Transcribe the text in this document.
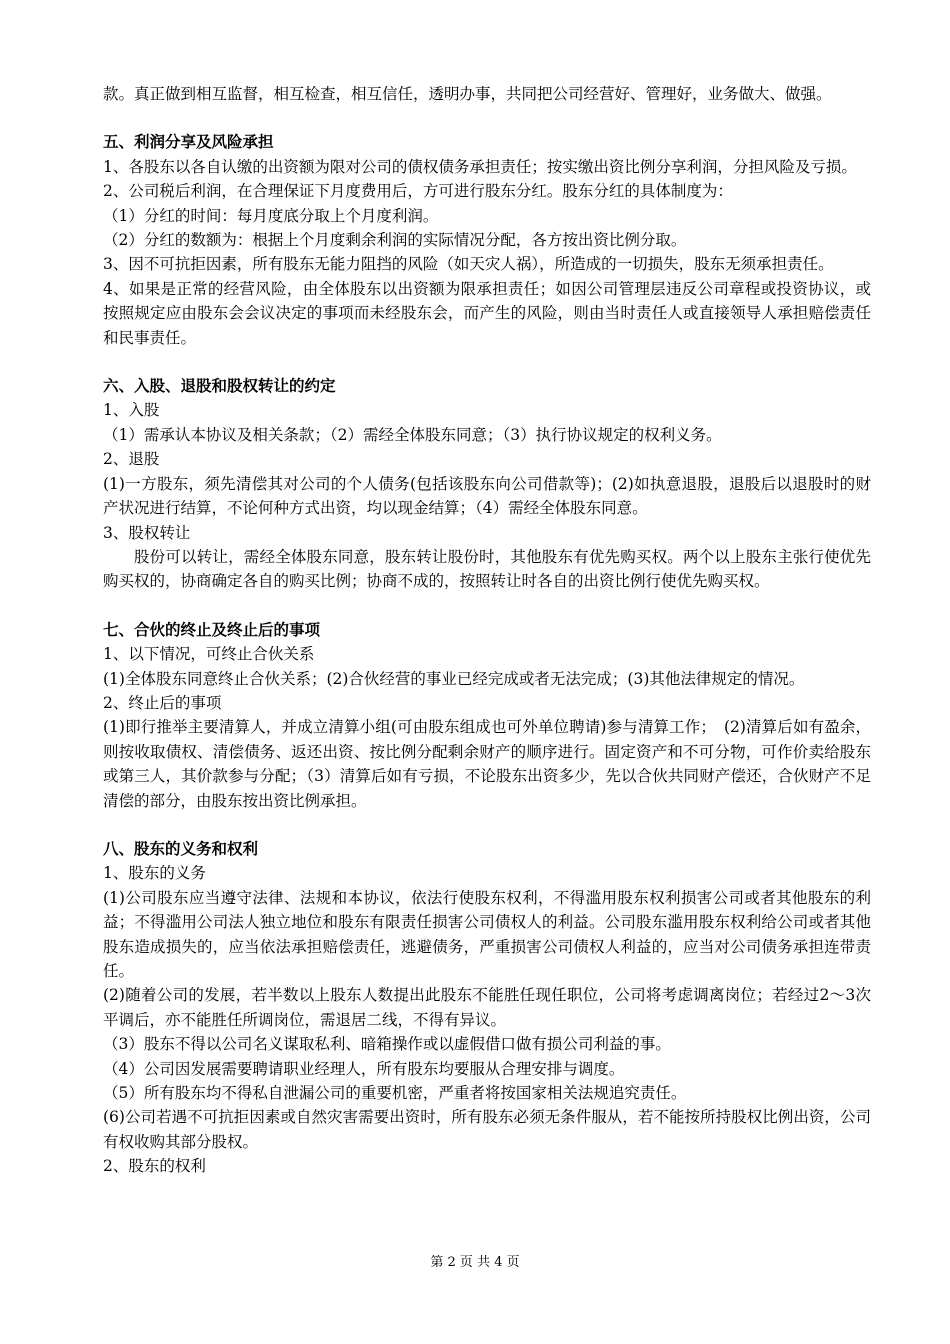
款。真正做到相互监督，相互检查，相互信任，透明办事，共同把公司经营好、管理好，业务做大、做强。

五、利润分享及风险承担

1、各股东以各自认缴的出资额为限对公司的债权债务承担责任；按实缴出资比例分享利润，分担风险及亏损。

2、公司税后利润，在合理保证下月度费用后，方可进行股东分红。股东分红的具体制度为：

（1）分红的时间：每月度底分取上个月度利润。

（2）分红的数额为：根据上个月度剩余利润的实际情况分配，各方按出资比例分取。

3、因不可抗拒因素，所有股东无能力阻挡的风险（如天灾人祸），所造成的一切损失，股东无须承担责任。

4、如果是正常的经营风险，由全体股东以出资额为限承担责任；如因公司管理层违反公司章程或投资协议，或按照规定应由股东会会议决定的事项而未经股东会，而产生的风险，则由当时责任人或直接领导人承担赔偿责任和民事责任。

六、入股、退股和股权转让的约定

1、入股

（1）需承认本协议及相关条款；（2）需经全体股东同意；（3）执行协议规定的权利义务。

2、退股

(1)一方股东，须先清偿其对公司的个人债务(包括该股东向公司借款等)；(2)如执意退股，退股后以退股时的财产状况进行结算，不论何种方式出资，均以现金结算；（4）需经全体股东同意。

3、股权转让

股份可以转让，需经全体股东同意，股东转让股份时，其他股东有优先购买权。两个以上股东主张行使优先购买权的，协商确定各自的购买比例；协商不成的，按照转让时各自的出资比例行使优先购买权。

七、合伙的终止及终止后的事项

1、以下情况，可终止合伙关系

(1)全体股东同意终止合伙关系；(2)合伙经营的事业已经完成或者无法完成；(3)其他法律规定的情况。

2、终止后的事项

(1)即行推举主要清算人，并成立清算小组(可由股东组成也可外单位聘请)参与清算工作；　(2)清算后如有盈余，则按收取债权、清偿债务、返还出资、按比例分配剩余财产的顺序进行。固定资产和不可分物，可作价卖给股东或第三人，其价款参与分配；（3）清算后如有亏损，不论股东出资多少，先以合伙共同财产偿还，合伙财产不足清偿的部分，由股东按出资比例承担。

八、股东的义务和权利

1、股东的义务

(1)公司股东应当遵守法律、法规和本协议，依法行使股东权利，不得滥用股东权利损害公司或者其他股东的利益；不得滥用公司法人独立地位和股东有限责任损害公司债权人的利益。公司股东滥用股东权利给公司或者其他股东造成损失的，应当依法承担赔偿责任，逃避债务，严重损害公司债权人利益的，应当对公司债务承担连带责任。

(2)随着公司的发展，若半数以上股东人数提出此股东不能胜任现任职位，公司将考虑调离岗位；若经过2～3次平调后，亦不能胜任所调岗位，需退居二线，不得有异议。

（3）股东不得以公司名义谋取私利、暗箱操作或以虚假借口做有损公司利益的事。

（4）公司因发展需要聘请职业经理人，所有股东均要服从合理安排与调度。

（5）所有股东均不得私自泄漏公司的重要机密，严重者将按国家相关法规追究责任。

(6)公司若遇不可抗拒因素或自然灾害需要出资时，所有股东必须无条件服从，若不能按所持股权比例出资，公司有权收购其部分股权。

2、股东的权利

第 2 页 共 4 页
